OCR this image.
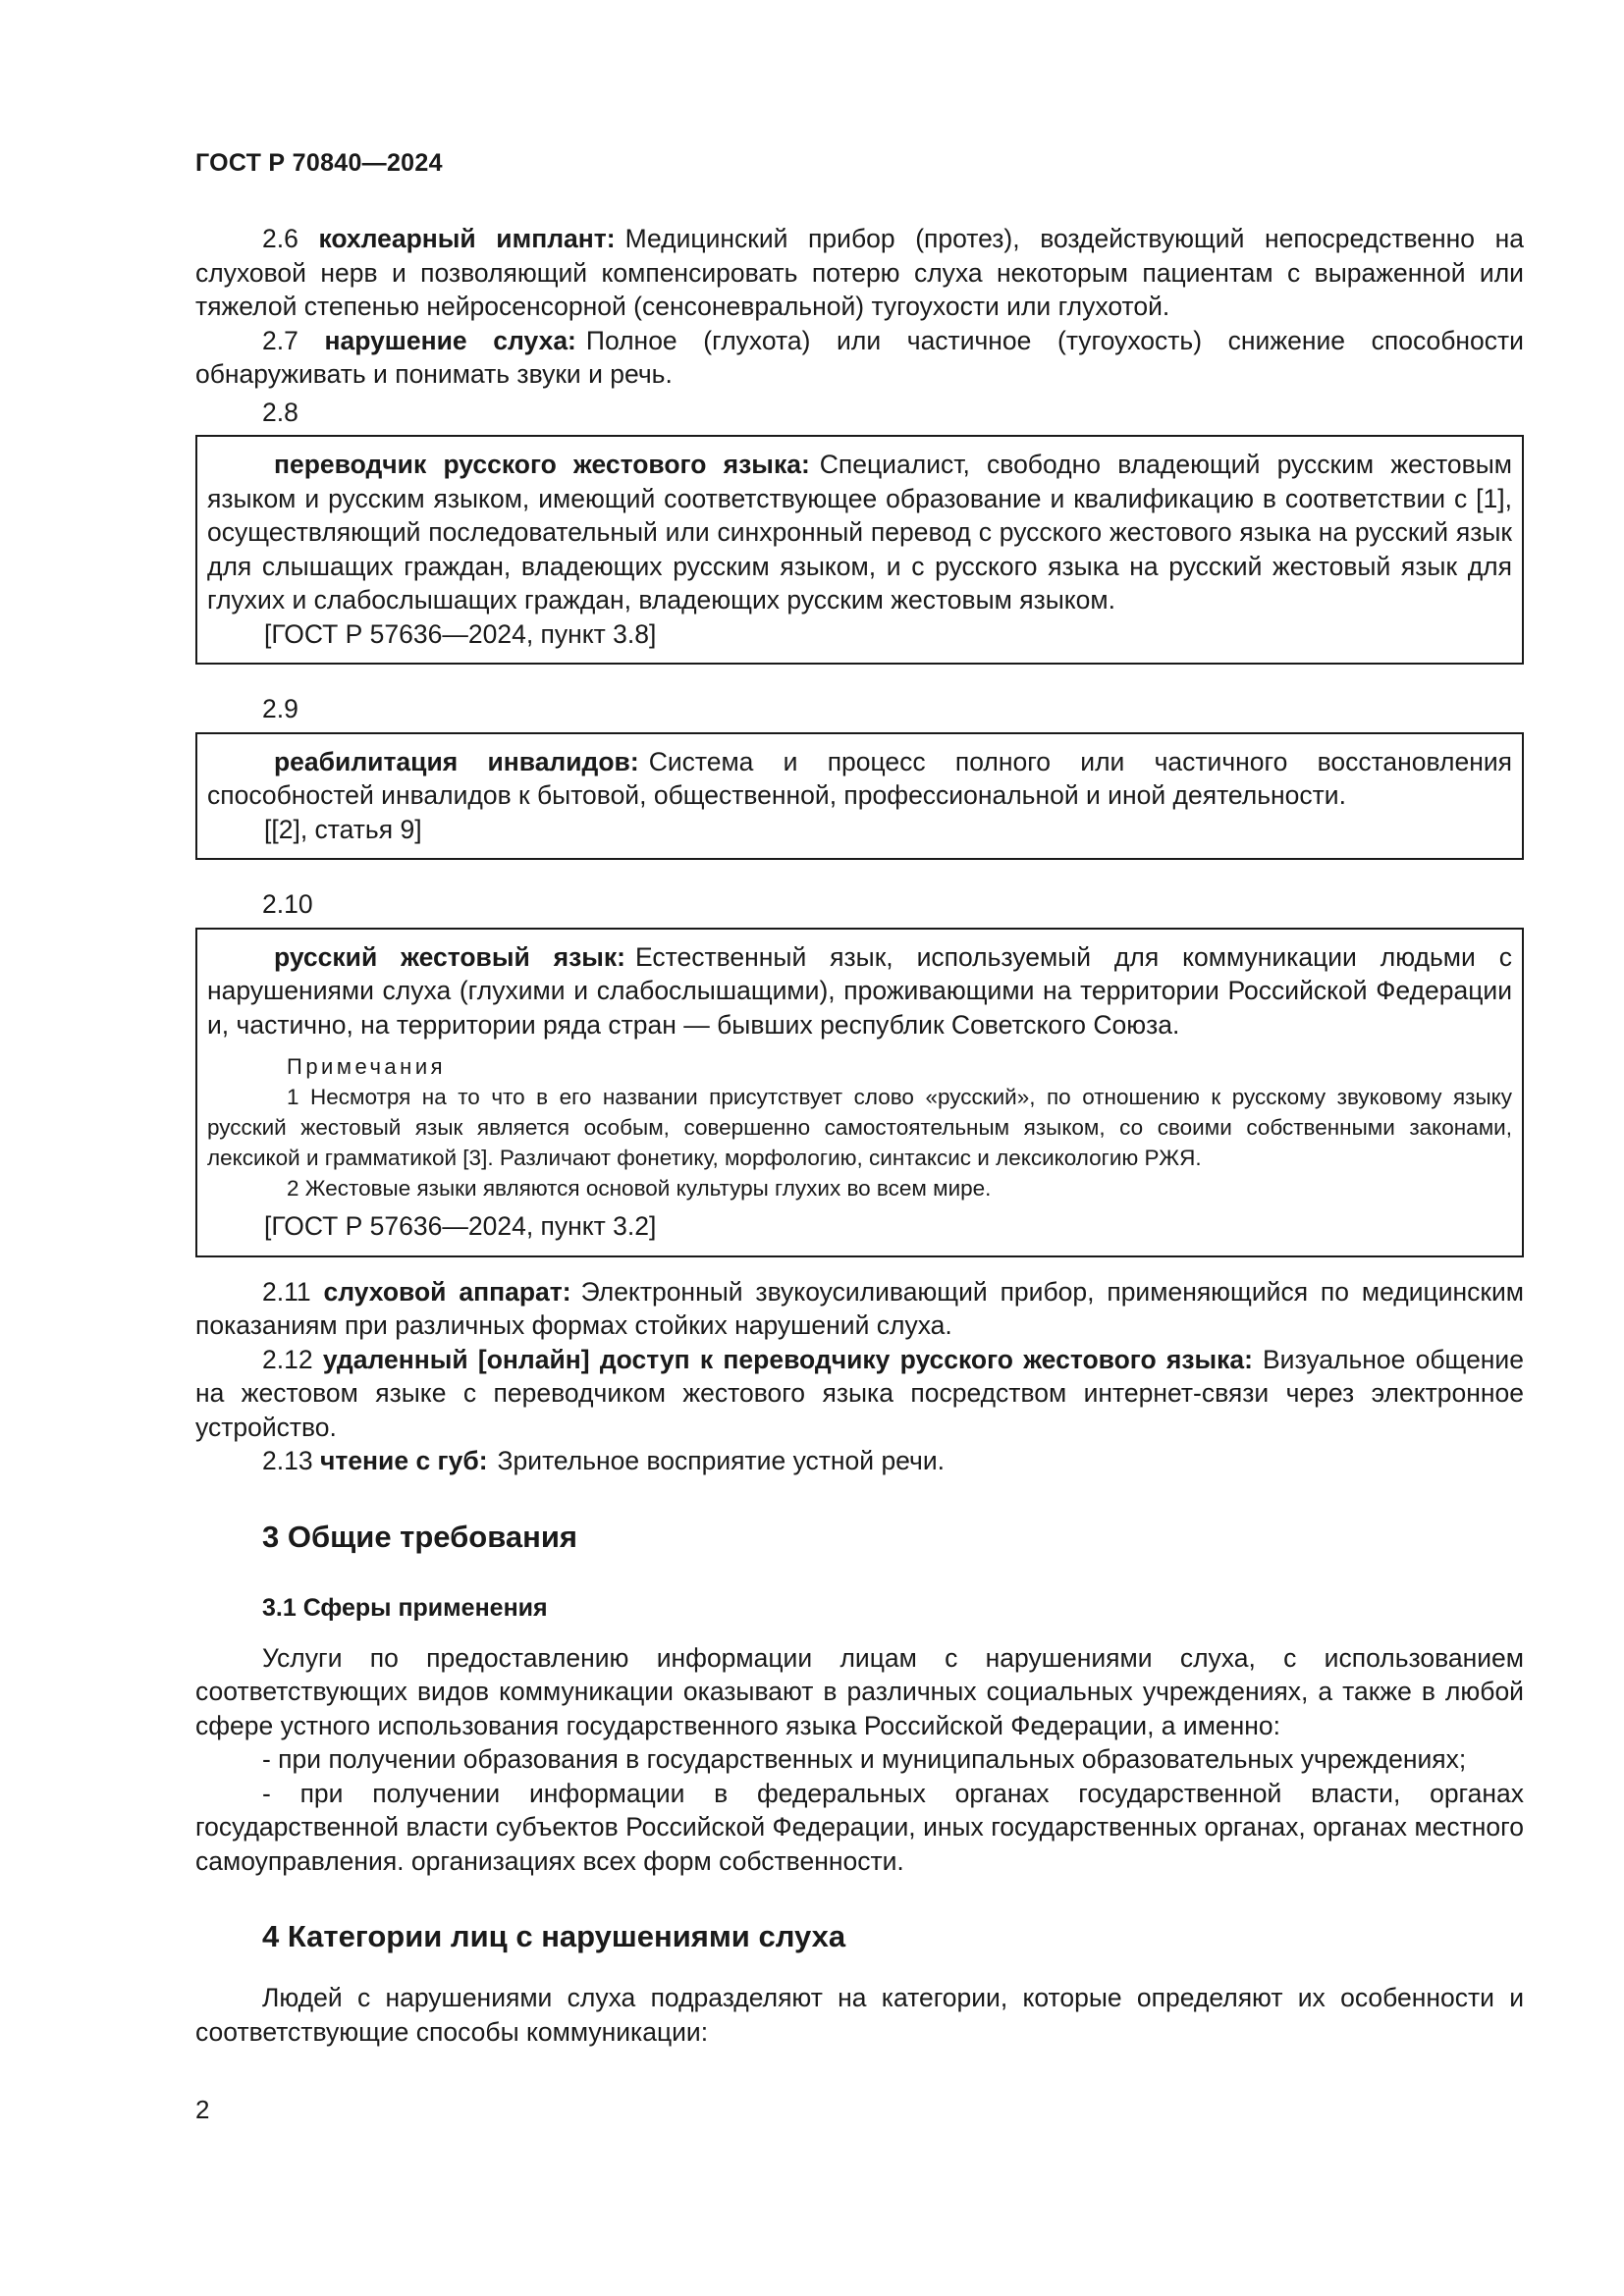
ГОСТ Р 70840—2024

2.6 кохлеарный имплант: Медицинский прибор (протез), воздействующий непосредственно на слуховой нерв и позволяющий компенсировать потерю слуха некоторым пациентам с выраженной или тяжелой степенью нейросенсорной (сенсоневральной) тугоухости или глухотой.

2.7 нарушение слуха: Полное (глухота) или частичное (тугоухость) снижение способности обнаруживать и понимать звуки и речь.

2.8

переводчик русского жестового языка: Специалист, свободно владеющий русским жестовым языком и русским языком, имеющий соответствующее образование и квалификацию в соответствии с [1], осуществляющий последовательный или синхронный перевод с русского жестового языка на русский язык для слышащих граждан, владеющих русским языком, и с русского языка на русский жестовый язык для глухих и слабослышащих граждан, владеющих русским жестовым языком.

[ГОСТ Р 57636—2024, пункт 3.8]
2.9

реабилитация инвалидов: Система и процесс полного или частичного восстановления способностей инвалидов к бытовой, общественной, профессиональной и иной деятельности.

[[2], статья 9]
2.10

русский жестовый язык: Естественный язык, используемый для коммуникации людьми с нарушениями слуха (глухими и слабослышащими), проживающими на территории Российской Федерации и, частично, на территории ряда стран — бывших республик Советского Союза.

Примечания
1 Несмотря на то что в его названии присутствует слово «русский», по отношению к русскому звуковому языку русский жестовый язык является особым, совершенно самостоятельным языком, со своими собственными законами, лексикой и грамматикой [3]. Различают фонетику, морфологию, синтаксис и лексикологию РЖЯ.
2 Жестовые языки являются основой культуры глухих во всем мире.
[ГОСТ Р 57636—2024, пункт 3.2]

2.11 слуховой аппарат: Электронный звукоусиливающий прибор, применяющийся по медицинским показаниям при различных формах стойких нарушений слуха.

2.12 удаленный [онлайн] доступ к переводчику русского жестового языка: Визуальное общение на жестовом языке с переводчиком жестового языка посредством интернет-связи через электронное устройство.

2.13 чтение с губ: Зрительное восприятие устной речи.

3 Общие требования
3.1 Сферы применения

Услуги по предоставлению информации лицам с нарушениями слуха, с использованием соответствующих видов коммуникации оказывают в различных социальных учреждениях, а также в любой сфере устного использования государственного языка Российской Федерации, а именно:

- при получении образования в государственных и муниципальных образовательных учреждениях;

- при получении информации в федеральных органах государственной власти, органах государственной власти субъектов Российской Федерации, иных государственных органах, органах местного самоуправления. организациях всех форм собственности.

4 Категории лиц с нарушениями слуха

Людей с нарушениями слуха подразделяют на категории, которые определяют их особенности и соответствующие способы коммуникации:

2
